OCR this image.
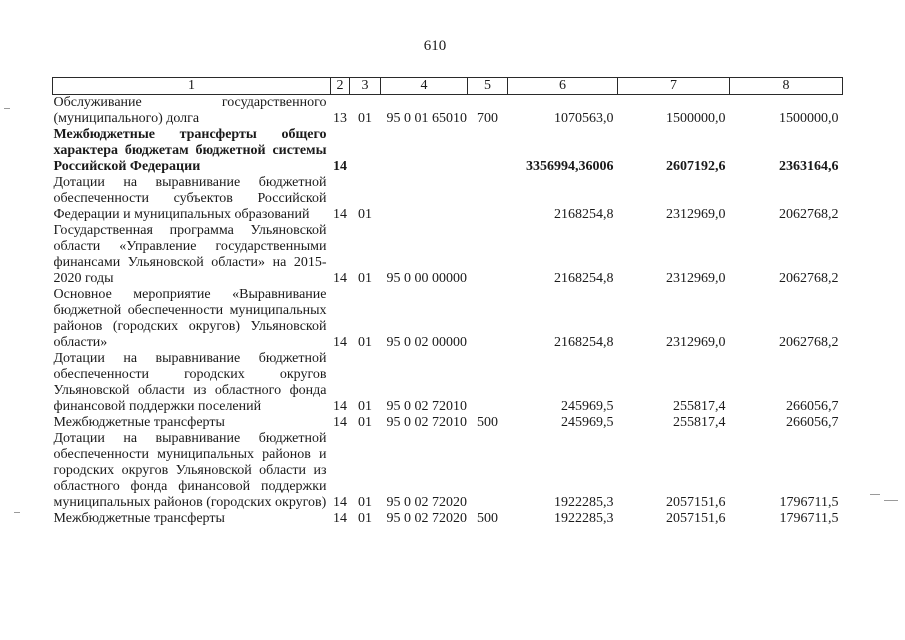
610
1	2	3	4	5	6	7	8
Обслуживание государственного (муниципального) долга	13	01	95 0 01 65010	700	1070563,0	1500000,0	1500000,0
Межбюджетные трансферты общего характера бюджетам бюджетной системы Российской Федерации	14				3356994,36006	2607192,6	2363164,6
Дотации на выравнивание бюджетной обеспеченности субъектов Российской Федерации и муниципальных образований	14	01			2168254,8	2312969,0	2062768,2
Государственная программа Ульяновской области «Управление государственными финансами Ульяновской области» на 2015-2020 годы	14	01	95 0 00 00000		2168254,8	2312969,0	2062768,2
Основное мероприятие «Выравнивание бюджетной обеспеченности муниципальных районов (городских округов) Ульяновской области»	14	01	95 0 02 00000		2168254,8	2312969,0	2062768,2
Дотации на выравнивание бюджетной обеспеченности городских округов Ульяновской области из областного фонда финансовой поддержки поселений	14	01	95 0 02 72010		245969,5	255817,4	266056,7
Межбюджетные трансферты	14	01	95 0 02 72010	500	245969,5	255817,4	266056,7
Дотации на выравнивание бюджетной обеспеченности муниципальных районов и городских округов Ульяновской области из областного фонда финансовой поддержки муниципальных районов (городских округов)	14	01	95 0 02 72020		1922285,3	2057151,6	1796711,5
Межбюджетные трансферты	14	01	95 0 02 72020	500	1922285,3	2057151,6	1796711,5
